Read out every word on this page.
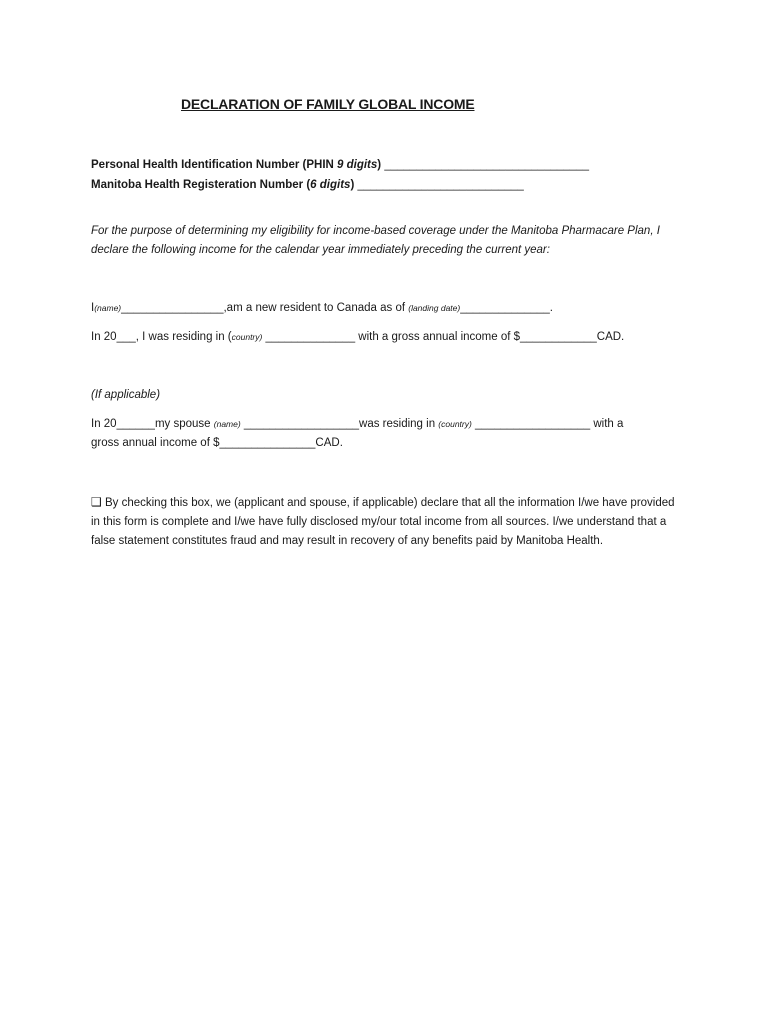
DECLARATION OF FAMILY GLOBAL INCOME
Personal Health Identification Number (PHIN 9 digits) ________________________________
Manitoba Health Registeration Number (6 digits) __________________________
For the purpose of determining my eligibility for income-based coverage under the Manitoba Pharmacare Plan, I declare the following income for the calendar year immediately preceding the current year:
I(name)________________,am a new resident to Canada as of (landing date)______________.
In 20___, I was residing in (country) ______________ with a gross annual income of $____________CAD.
(If applicable)
In 20______my spouse (name) __________________was residing in (country) __________________ with a
gross annual income of $_______________CAD.
❑ By checking this box, we (applicant and spouse, if applicable) declare that all the information I/we have provided in this form is complete and I/we have fully disclosed my/our total income from all sources. I/we understand that a false statement constitutes fraud and may result in recovery of any benefits paid by Manitoba Health.
